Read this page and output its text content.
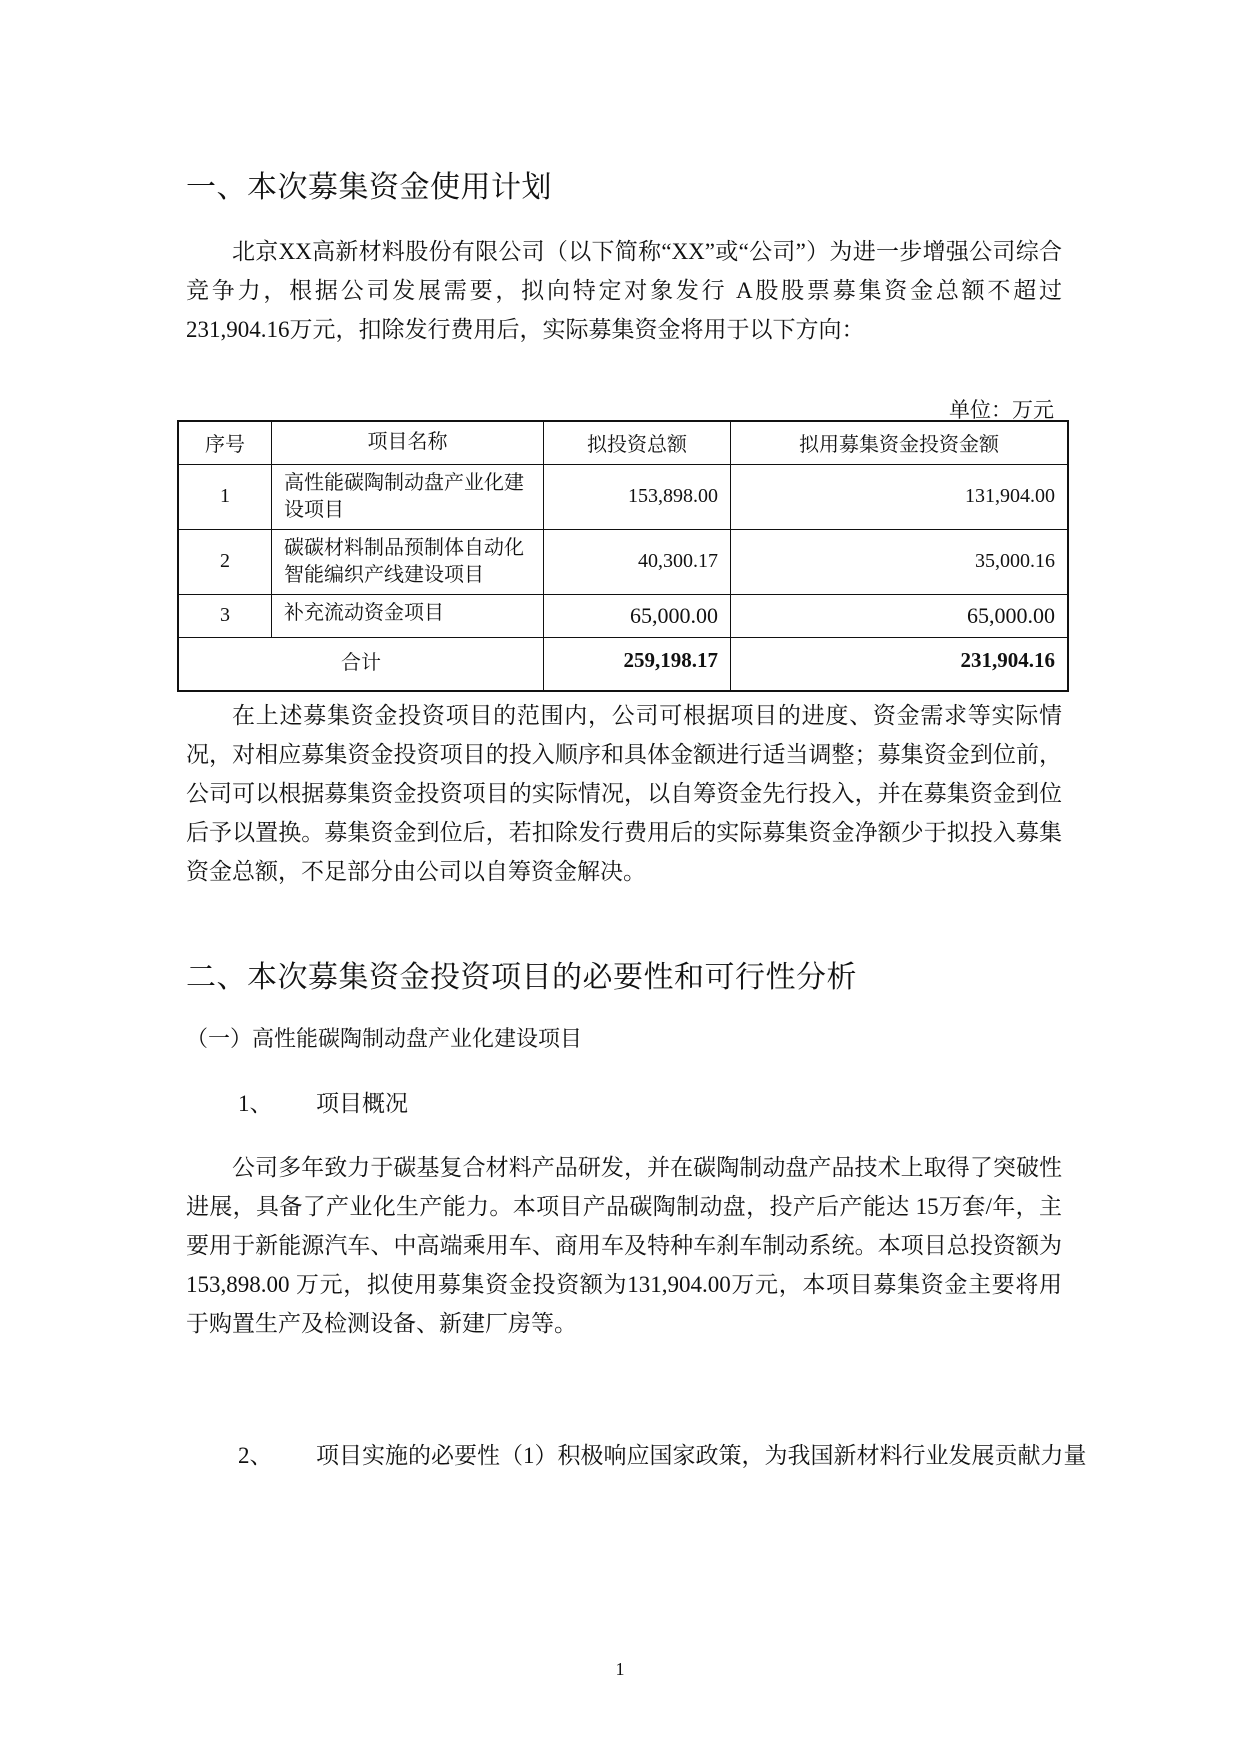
一、本次募集资金使用计划

北京XX高新材料股份有限公司（以下简称“XX”或“公司”）为进一步增强公司综合竞争力，根据公司发展需要，拟向特定对象发行 A股股票募集资金总额不超过 231,904.16万元，扣除发行费用后，实际募集资金将用于以下方向：

单位：万元
序号	项目名称	拟投资总额	拟用募集资金投资金额
1	高性能碳陶制动盘产业化建设项目	153,898.00	131,904.00
2	碳碳材料制品预制体自动化智能编织产线建设项目	40,300.17	35,000.16
3	补充流动资金项目	65,000.00	65,000.00
合计		259,198.17	231,904.16

在上述募集资金投资项目的范围内，公司可根据项目的进度、资金需求等实际情况，对相应募集资金投资项目的投入顺序和具体金额进行适当调整；募集资金到位前，公司可以根据募集资金投资项目的实际情况，以自筹资金先行投入，并在募集资金到位后予以置换。募集资金到位后，若扣除发行费用后的实际募集资金净额少于拟投入募集资金总额，不足部分由公司以自筹资金解决。

二、本次募集资金投资项目的必要性和可行性分析

（一）高性能碳陶制动盘产业化建设项目

1、 项目概况

公司多年致力于碳基复合材料产品研发，并在碳陶制动盘产品技术上取得了突破性进展，具备了产业化生产能力。本项目产品碳陶制动盘，投产后产能达 15万套/年，主要用于新能源汽车、中高端乘用车、商用车及特种车刹车制动系统。本项目总投资额为 153,898.00 万元，拟使用募集资金投资额为131,904.00万元，本项目募集资金主要将用于购置生产及检测设备、新建厂房等。

2、 项目实施的必要性（1）积极响应国家政策，为我国新材料行业发展贡献力量

1
